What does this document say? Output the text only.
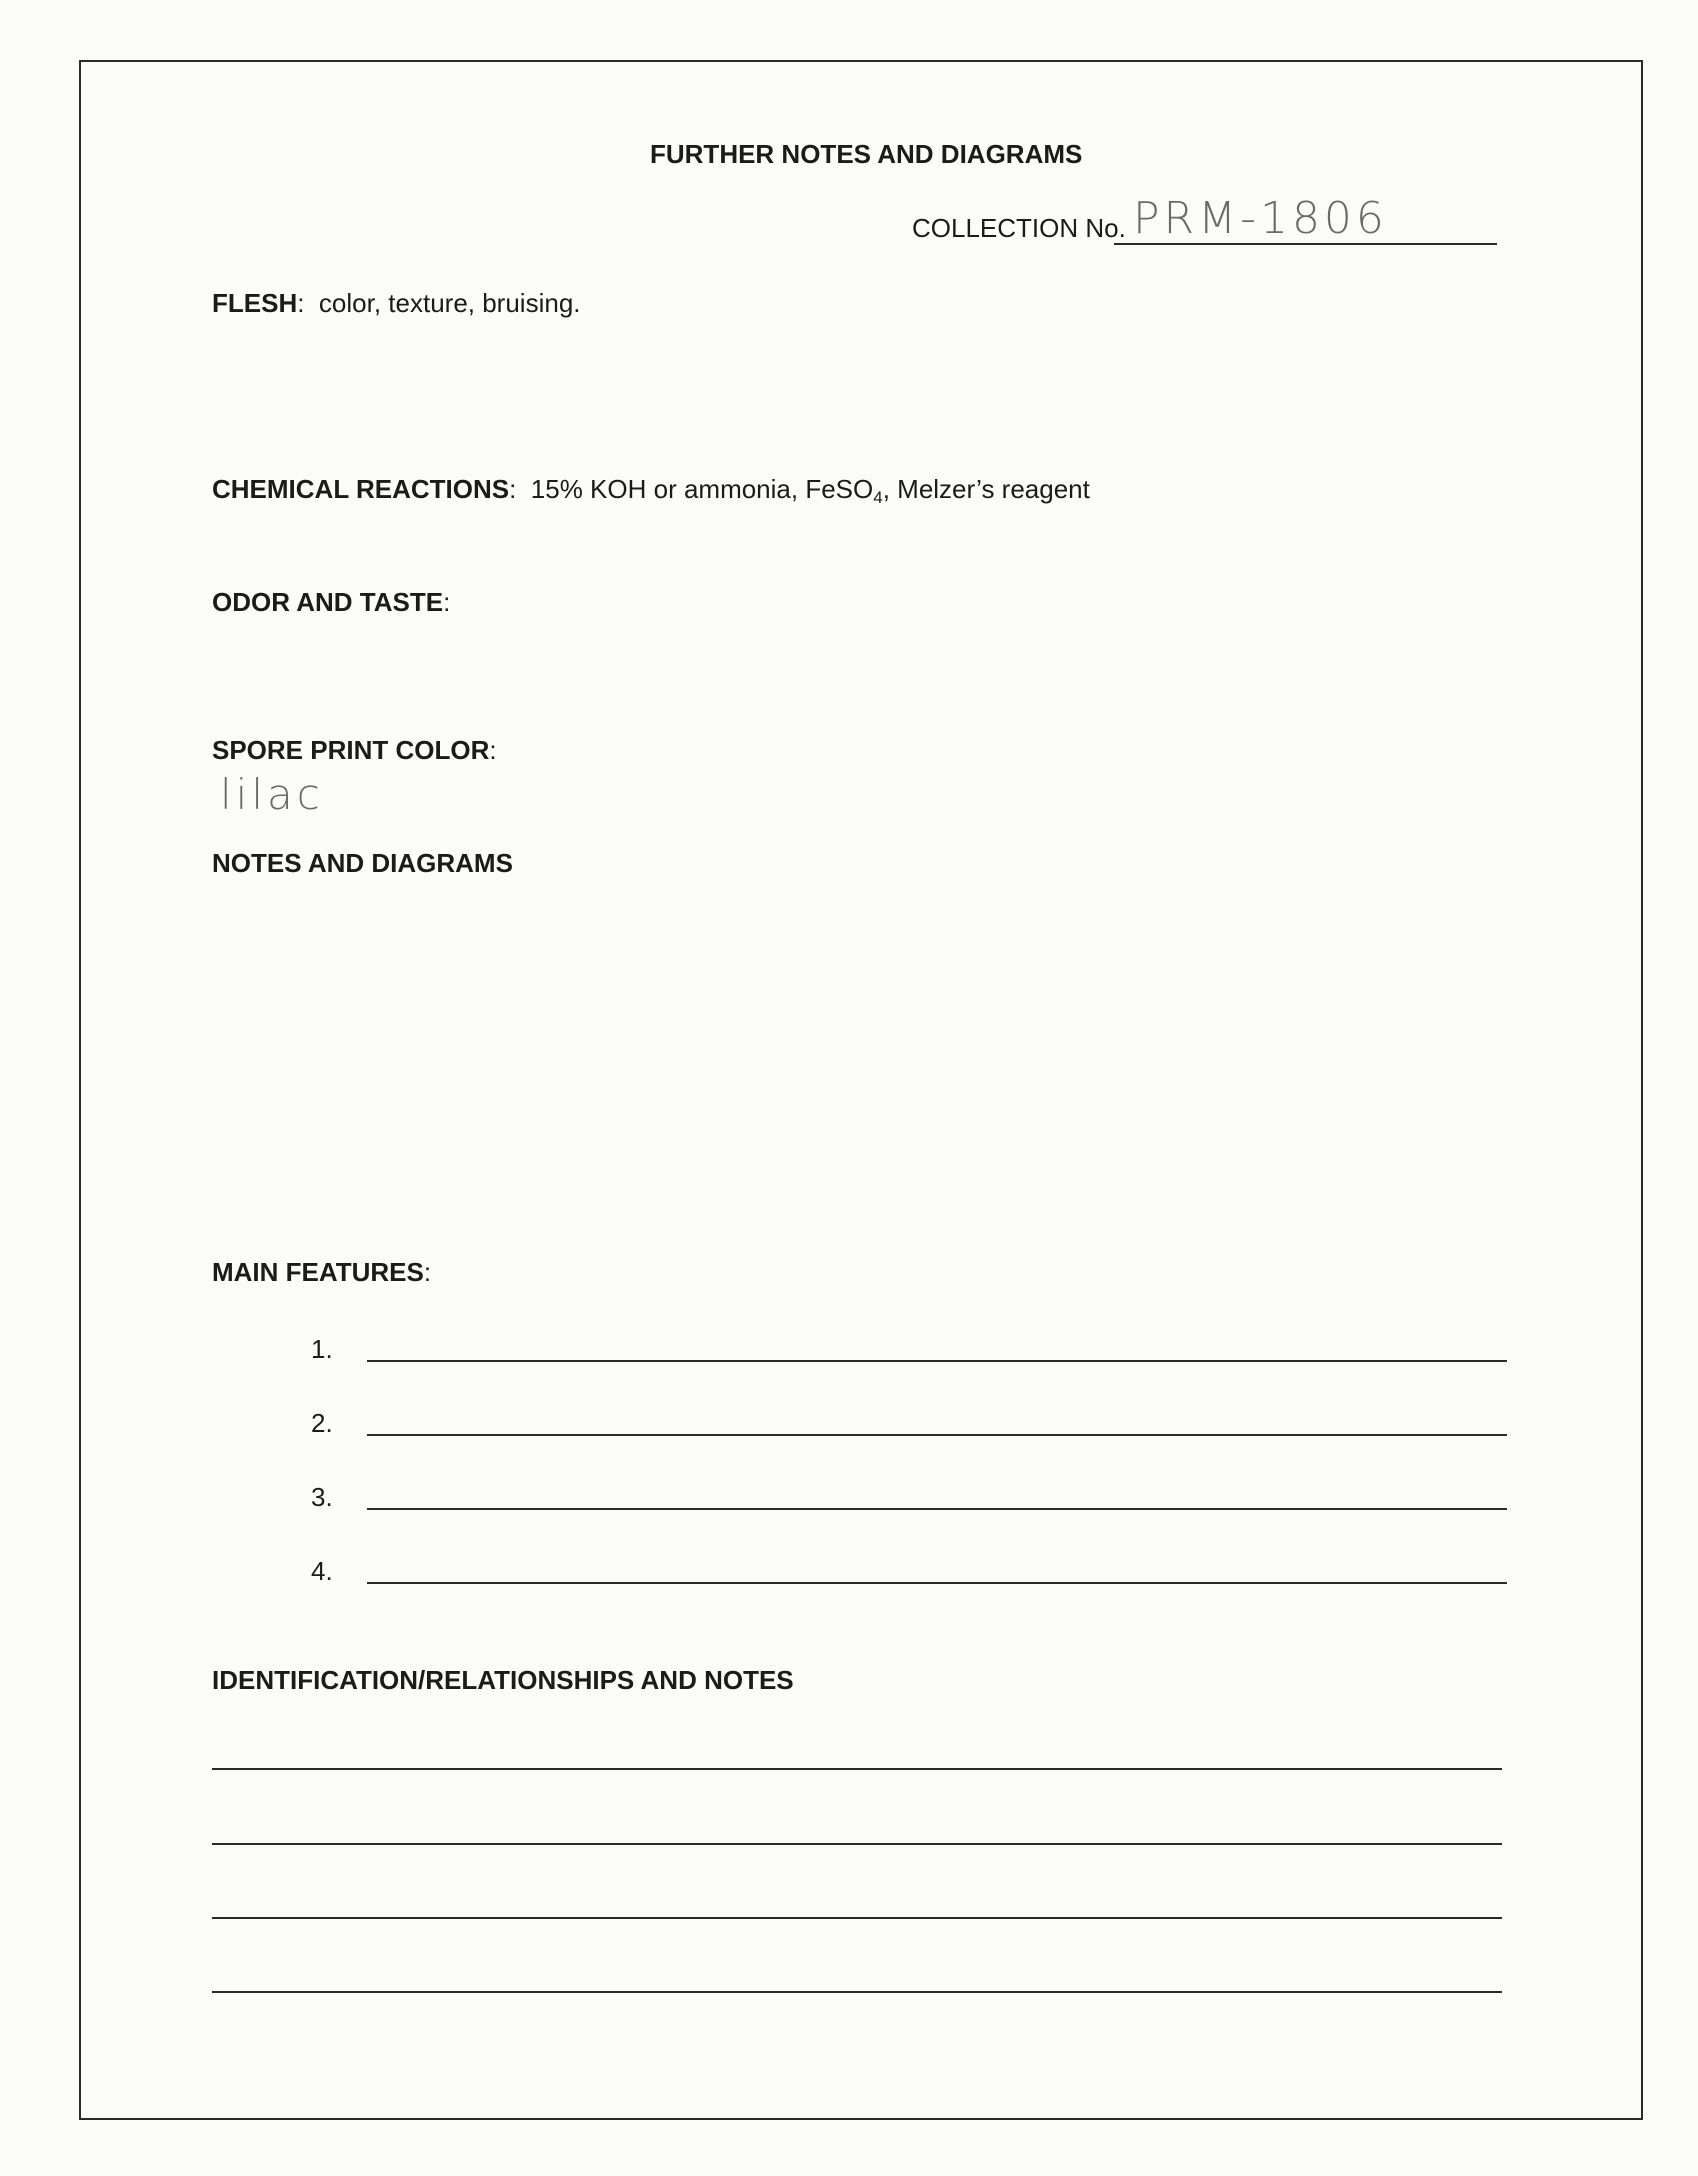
FURTHER NOTES AND DIAGRAMS
COLLECTION No. PRM-1806
FLESH: color, texture, bruising.
CHEMICAL REACTIONS: 15% KOH or ammonia, FeSO$_4$, Melzer’s reagent
ODOR AND TASTE:
SPORE PRINT COLOR:
lilac
NOTES AND DIAGRAMS
MAIN FEATURES:
1.
2.
3.
4.
IDENTIFICATION/RELATIONSHIPS AND NOTES
